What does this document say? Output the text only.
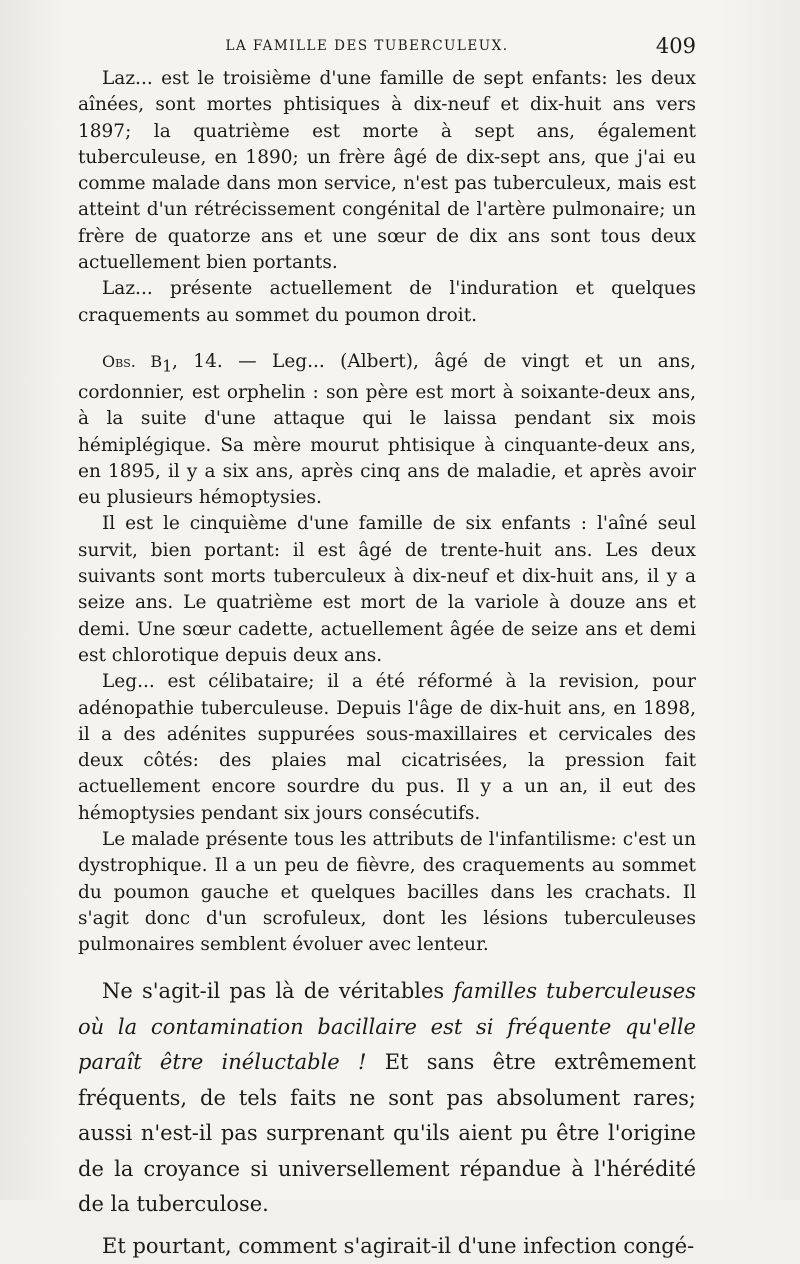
LA FAMILLE DES TUBERCULEUX.	409

Laz... est le troisième d'une famille de sept enfants: les deux aînées, sont mortes phtisiques à dix-neuf et dix-huit ans vers 1897; la quatrième est morte à sept ans, également tuberculeuse, en 1890; un frère âgé de dix-sept ans, que j'ai eu comme malade dans mon service, n'est pas tuberculeux, mais est atteint d'un rétrécissement congénital de l'artère pulmonaire; un frère de quatorze ans et une sœur de dix ans sont tous deux actuellement bien portants.

Laz... présente actuellement de l'induration et quelques craquements au sommet du poumon droit.

Obs. $B_1$, 14. — Leg... (Albert), âgé de vingt et un ans, cordonnier, est orphelin : son père est mort à soixante-deux ans, à la suite d'une attaque qui le laissa pendant six mois hémiplégique. Sa mère mourut phtisique à cinquante-deux ans, en 1895, il y a six ans, après cinq ans de maladie, et après avoir eu plusieurs hémoptysies.

Il est le cinquième d'une famille de six enfants : l'aîné seul survit, bien portant: il est âgé de trente-huit ans. Les deux suivants sont morts tuberculeux à dix-neuf et dix-huit ans, il y a seize ans. Le quatrième est mort de la variole à douze ans et demi. Une sœur cadette, actuellement âgée de seize ans et demi est chlorotique depuis deux ans.

Leg... est célibataire; il a été réformé à la revision, pour adénopathie tuberculeuse. Depuis l'âge de dix-huit ans, en 1898, il a des adénites suppurées sous-maxillaires et cervicales des deux côtés: des plaies mal cicatrisées, la pression fait actuellement encore sourdre du pus. Il y a un an, il eut des hémoptysies pendant six jours consécutifs.

Le malade présente tous les attributs de l'infantilisme: c'est un dystrophique. Il a un peu de fièvre, des craquements au sommet du poumon gauche et quelques bacilles dans les crachats. Il s'agit donc d'un scrofuleux, dont les lésions tuberculeuses pulmonaires semblent évoluer avec lenteur.

Ne s'agit-il pas là de véritables familles tuberculeuses où la contamination bacillaire est si fréquente qu'elle paraît être inéluctable ! Et sans être extrêmement fréquents, de tels faits ne sont pas absolument rares; aussi n'est-il pas surprenant qu'ils aient pu être l'origine de la croyance si universellement répandue à l'hérédité de la tuberculose.

Et pourtant, comment s'agirait-il d'une infection congé-
